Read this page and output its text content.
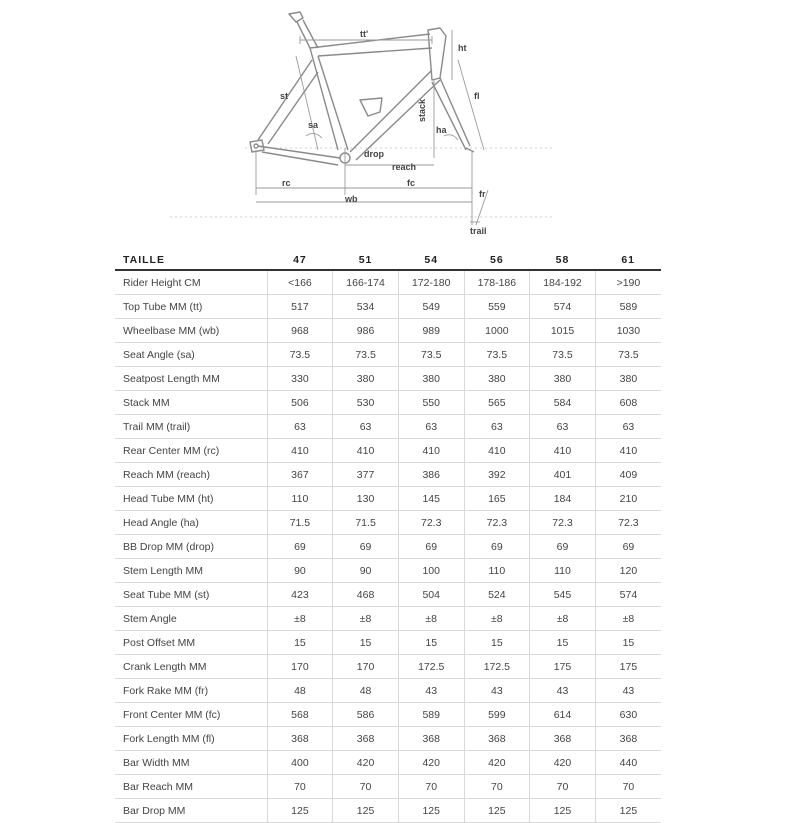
tt'
ht
st	fl
stack
sa	ha
drop
reach
rc	fc
fr
wb
trail
TAILLE	47	51	54	56	58	61
Rider Height CM	<166	166-174	172-180	178-186	184-192	>190
Top Tube MM (tt)	517	534	549	559	574	589
Wheelbase MM (wb)	968	986	989	1000	1015	1030
Seat Angle (sa)	73.5	73.5	73.5	73.5	73.5	73.5
Seatpost Length MM	330	380	380	380	380	380
Stack MM	506	530	550	565	584	608
Trail MM (trail)	63	63	63	63	63	63
Rear Center MM (rc)	410	410	410	410	410	410
Reach MM (reach)	367	377	386	392	401	409
Head Tube MM (ht)	110	130	145	165	184	210
Head Angle (ha)	71.5	71.5	72.3	72.3	72.3	72.3
BB Drop MM (drop)	69	69	69	69	69	69
Stem Length MM	90	90	100	110	110	120
Seat Tube MM (st)	423	468	504	524	545	574
Stem Angle	±8	±8	±8	±8	±8	±8
Post Offset MM	15	15	15	15	15	15
Crank Length MM	170	170	172.5	172.5	175	175
Fork Rake MM (fr)	48	48	43	43	43	43
Front Center MM (fc)	568	586	589	599	614	630
Fork Length MM (fl)	368	368	368	368	368	368
Bar Width MM	400	420	420	420	420	440
Bar Reach MM	70	70	70	70	70	70
Bar Drop MM	125	125	125	125	125	125
